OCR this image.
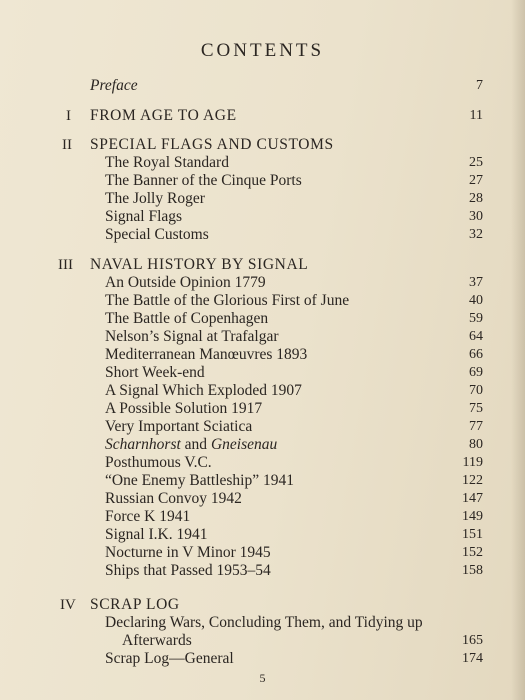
CONTENTS
Preface	7
I FROM AGE TO AGE	11
II SPECIAL FLAGS AND CUSTOMS
The Royal Standard	25
The Banner of the Cinque Ports	27
The Jolly Roger	28
Signal Flags	30
Special Customs	32
III NAVAL HISTORY BY SIGNAL
An Outside Opinion 1779	37
The Battle of the Glorious First of June	40
The Battle of Copenhagen	59
Nelson’s Signal at Trafalgar	64
Mediterranean Manœuvres 1893	66
Short Week-end	69
A Signal Which Exploded 1907	70
A Possible Solution 1917	75
Very Important Sciatica	77
Scharnhorst and Gneisenau	80
Posthumous V.C.	119
“One Enemy Battleship” 1941	122
Russian Convoy 1942	147
Force K 1941	149
Signal I.K. 1941	151
Nocturne in V Minor 1945	152
Ships that Passed 1953–54	158
IV SCRAP LOG
Declaring Wars, Concluding Them, and Tidying up
Afterwards	165
Scrap Log—General	174
5
